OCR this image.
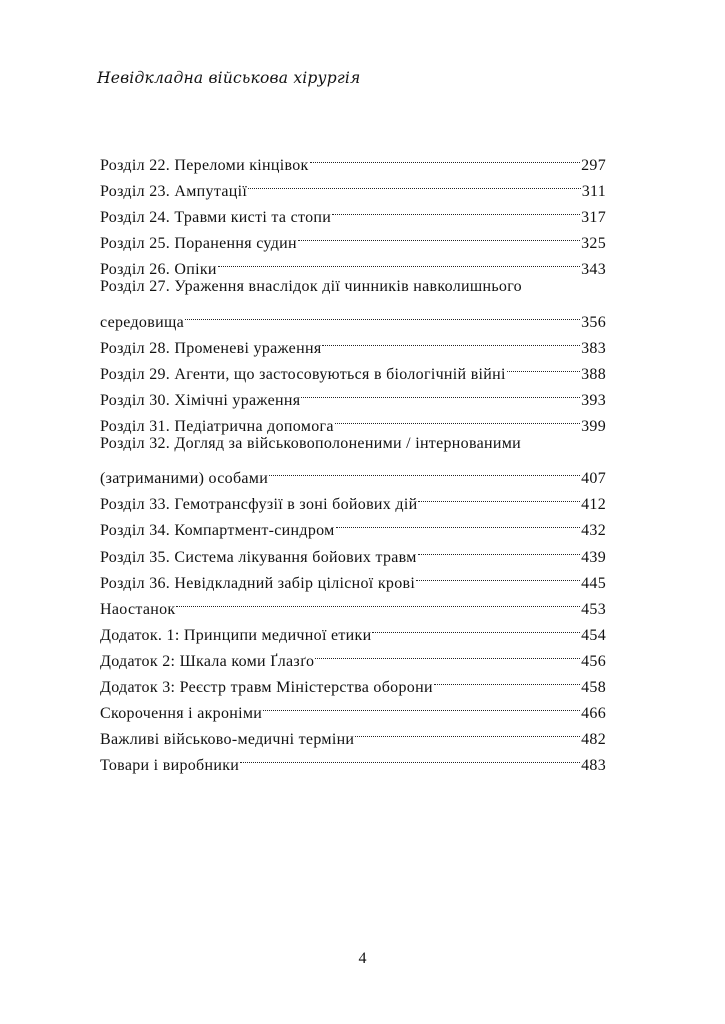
Невідкладна військова хірургія
Розділ 22. Переломи кінцівок	297
Розділ 23. Ампутації	311
Розділ 24. Травми кисті та стопи	317
Розділ 25. Поранення судин	325
Розділ 26. Опіки	343
Розділ 27. Ураження внаслідок дії чинників навколишнього
середовища	356
Розділ 28. Променеві ураження	383
Розділ 29. Агенти, що застосовуються в біологічній війні	388
Розділ 30. Хімічні ураження	393
Розділ 31. Педіатрична допомога	399
Розділ 32. Догляд за військовополоненими / інтернованими
(затриманими) особами	407
Розділ 33. Гемотрансфузії в зоні бойових дій	412
Розділ 34. Компартмент-синдром	432
Розділ 35. Система лікування бойових травм	439
Розділ 36. Невідкладний забір цілісної крові	445
Наостанок	453
Додаток. 1: Принципи медичної етики	454
Додаток 2: Шкала коми Ґлазґо	456
Додаток 3: Реєстр травм Міністерства оборони	458
Скорочення і акроніми	466
Важливі військово-медичні терміни	482
Товари і виробники	483
4
